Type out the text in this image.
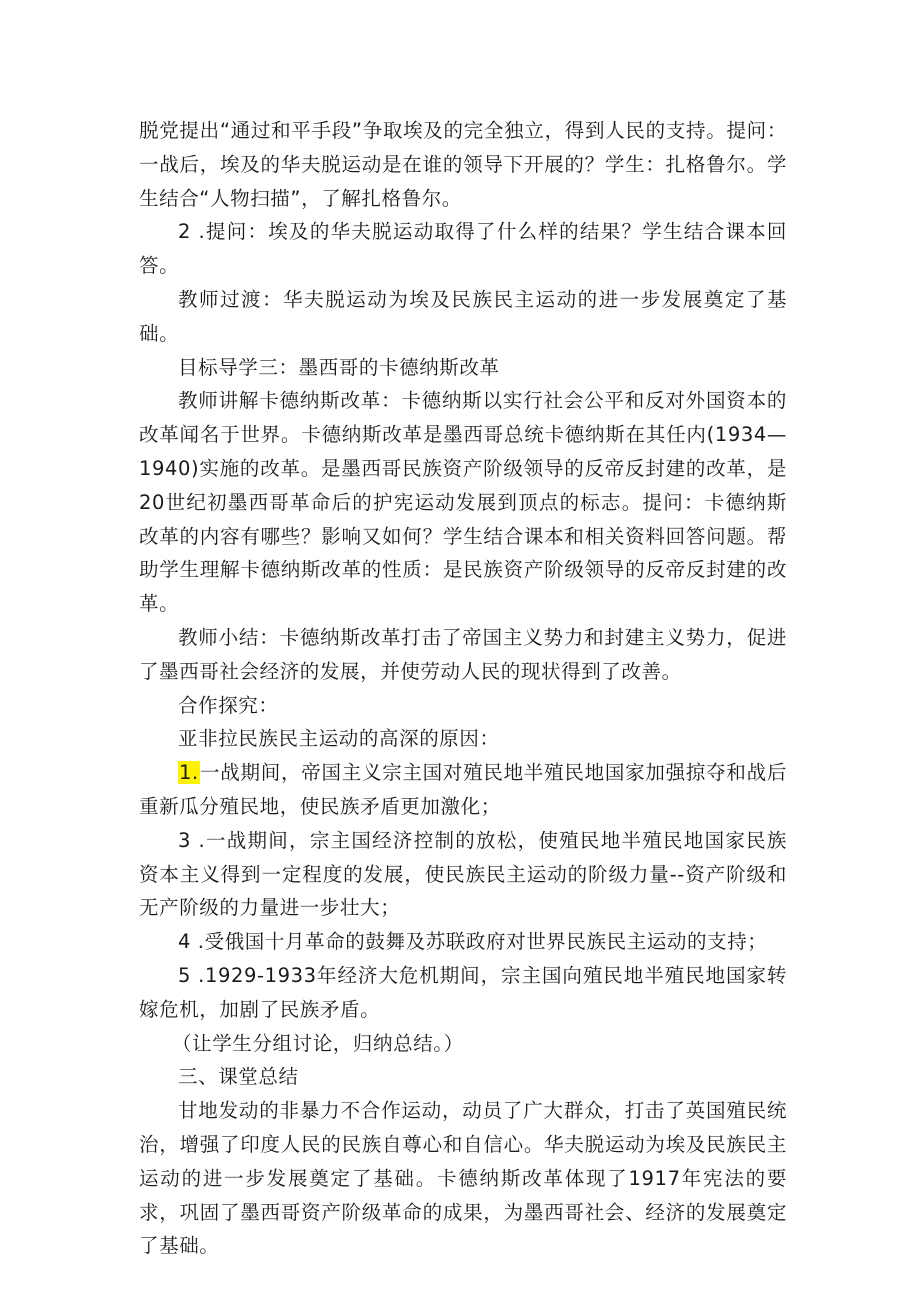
脱党提出“通过和平手段”争取埃及的完全独立，得到人民的支持。提问：一战后，埃及的华夫脱运动是在谁的领导下开展的？学生：扎格鲁尔。学生结合“人物扫描”，了解扎格鲁尔。

2 .提问：埃及的华夫脱运动取得了什么样的结果？学生结合课本回答。

教师过渡：华夫脱运动为埃及民族民主运动的进一步发展奠定了基础。

目标导学三：墨西哥的卡德纳斯改革

教师讲解卡德纳斯改革：卡德纳斯以实行社会公平和反对外国资本的改革闻名于世界。卡德纳斯改革是墨西哥总统卡德纳斯在其任内(1934—1940)实施的改革。是墨西哥民族资产阶级领导的反帝反封建的改革，是20世纪初墨西哥革命后的护宪运动发展到顶点的标志。提问：卡德纳斯改革的内容有哪些？影响又如何？学生结合课本和相关资料回答问题。帮助学生理解卡德纳斯改革的性质：是民族资产阶级领导的反帝反封建的改革。

教师小结：卡德纳斯改革打击了帝国主义势力和封建主义势力，促进了墨西哥社会经济的发展，并使劳动人民的现状得到了改善。

合作探究：

亚非拉民族民主运动的高深的原因：

1.一战期间，帝国主义宗主国对殖民地半殖民地国家加强掠夺和战后重新瓜分殖民地，使民族矛盾更加激化；

3 .一战期间，宗主国经济控制的放松，使殖民地半殖民地国家民族资本主义得到一定程度的发展，使民族民主运动的阶级力量--资产阶级和无产阶级的力量进一步壮大；

4 .受俄国十月革命的鼓舞及苏联政府对世界民族民主运动的支持；

5 .1929-1933年经济大危机期间，宗主国向殖民地半殖民地国家转嫁危机，加剧了民族矛盾。

（让学生分组讨论，归纳总结。）

三、课堂总结

甘地发动的非暴力不合作运动，动员了广大群众，打击了英国殖民统治，增强了印度人民的民族自尊心和自信心。华夫脱运动为埃及民族民主运动的进一步发展奠定了基础。卡德纳斯改革体现了1917年宪法的要求，巩固了墨西哥资产阶级革命的成果，为墨西哥社会、经济的发展奠定了基础。
